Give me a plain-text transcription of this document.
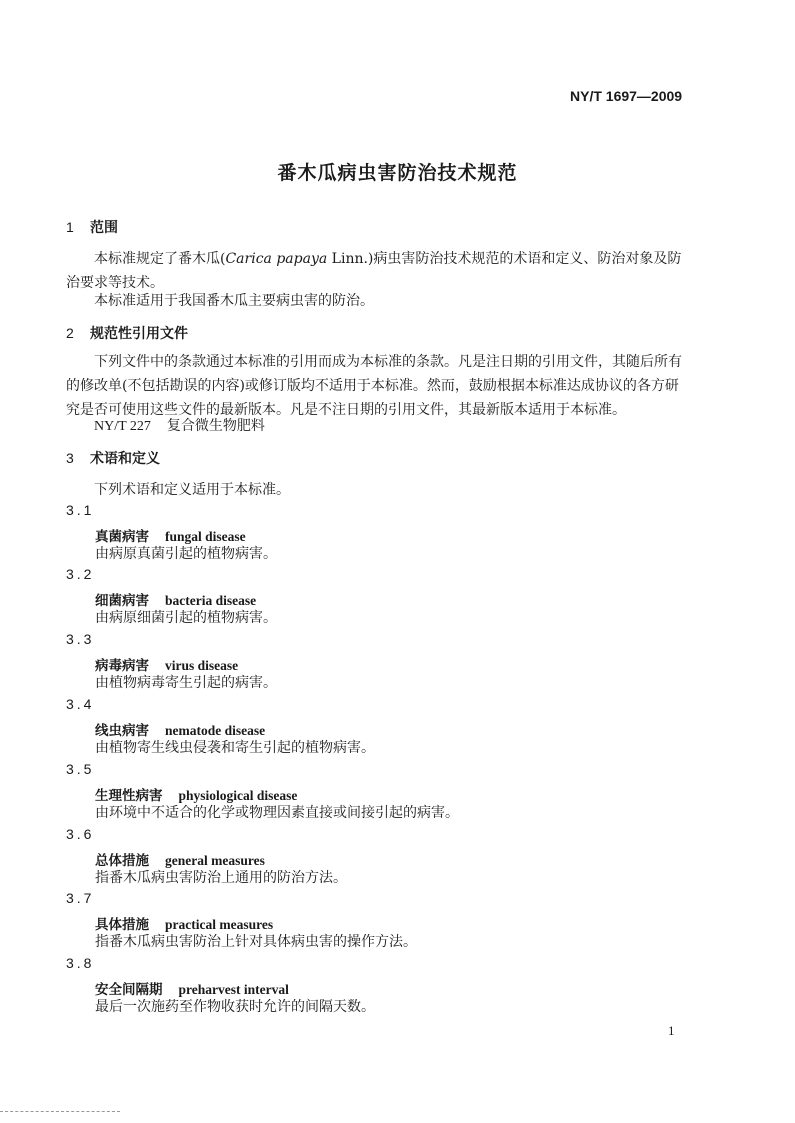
NY/T 1697—2009
番木瓜病虫害防治技术规范
1 范围
本标准规定了番木瓜(Carica papaya Linn.)病虫害防治技术规范的术语和定义、防治对象及防治要求等技术。
本标准适用于我国番木瓜主要病虫害的防治。
2 规范性引用文件
下列文件中的条款通过本标准的引用而成为本标准的条款。凡是注日期的引用文件，其随后所有的修改单(不包括勘误的内容)或修订版均不适用于本标准。然而，鼓励根据本标准达成协议的各方研究是否可使用这些文件的最新版本。凡是不注日期的引用文件，其最新版本适用于本标准。
NY/T 227 复合微生物肥料
3 术语和定义
下列术语和定义适用于本标准。
3.1
真菌病害 fungal disease
由病原真菌引起的植物病害。
3.2
细菌病害 bacteria disease
由病原细菌引起的植物病害。
3.3
病毒病害 virus disease
由植物病毒寄生引起的病害。
3.4
线虫病害 nematode disease
由植物寄生线虫侵袭和寄生引起的植物病害。
3.5
生理性病害 physiological disease
由环境中不适合的化学或物理因素直接或间接引起的病害。
3.6
总体措施 general measures
指番木瓜病虫害防治上通用的防治方法。
3.7
具体措施 practical measures
指番木瓜病虫害防治上针对具体病虫害的操作方法。
3.8
安全间隔期 preharvest interval
最后一次施药至作物收获时允许的间隔天数。
1
